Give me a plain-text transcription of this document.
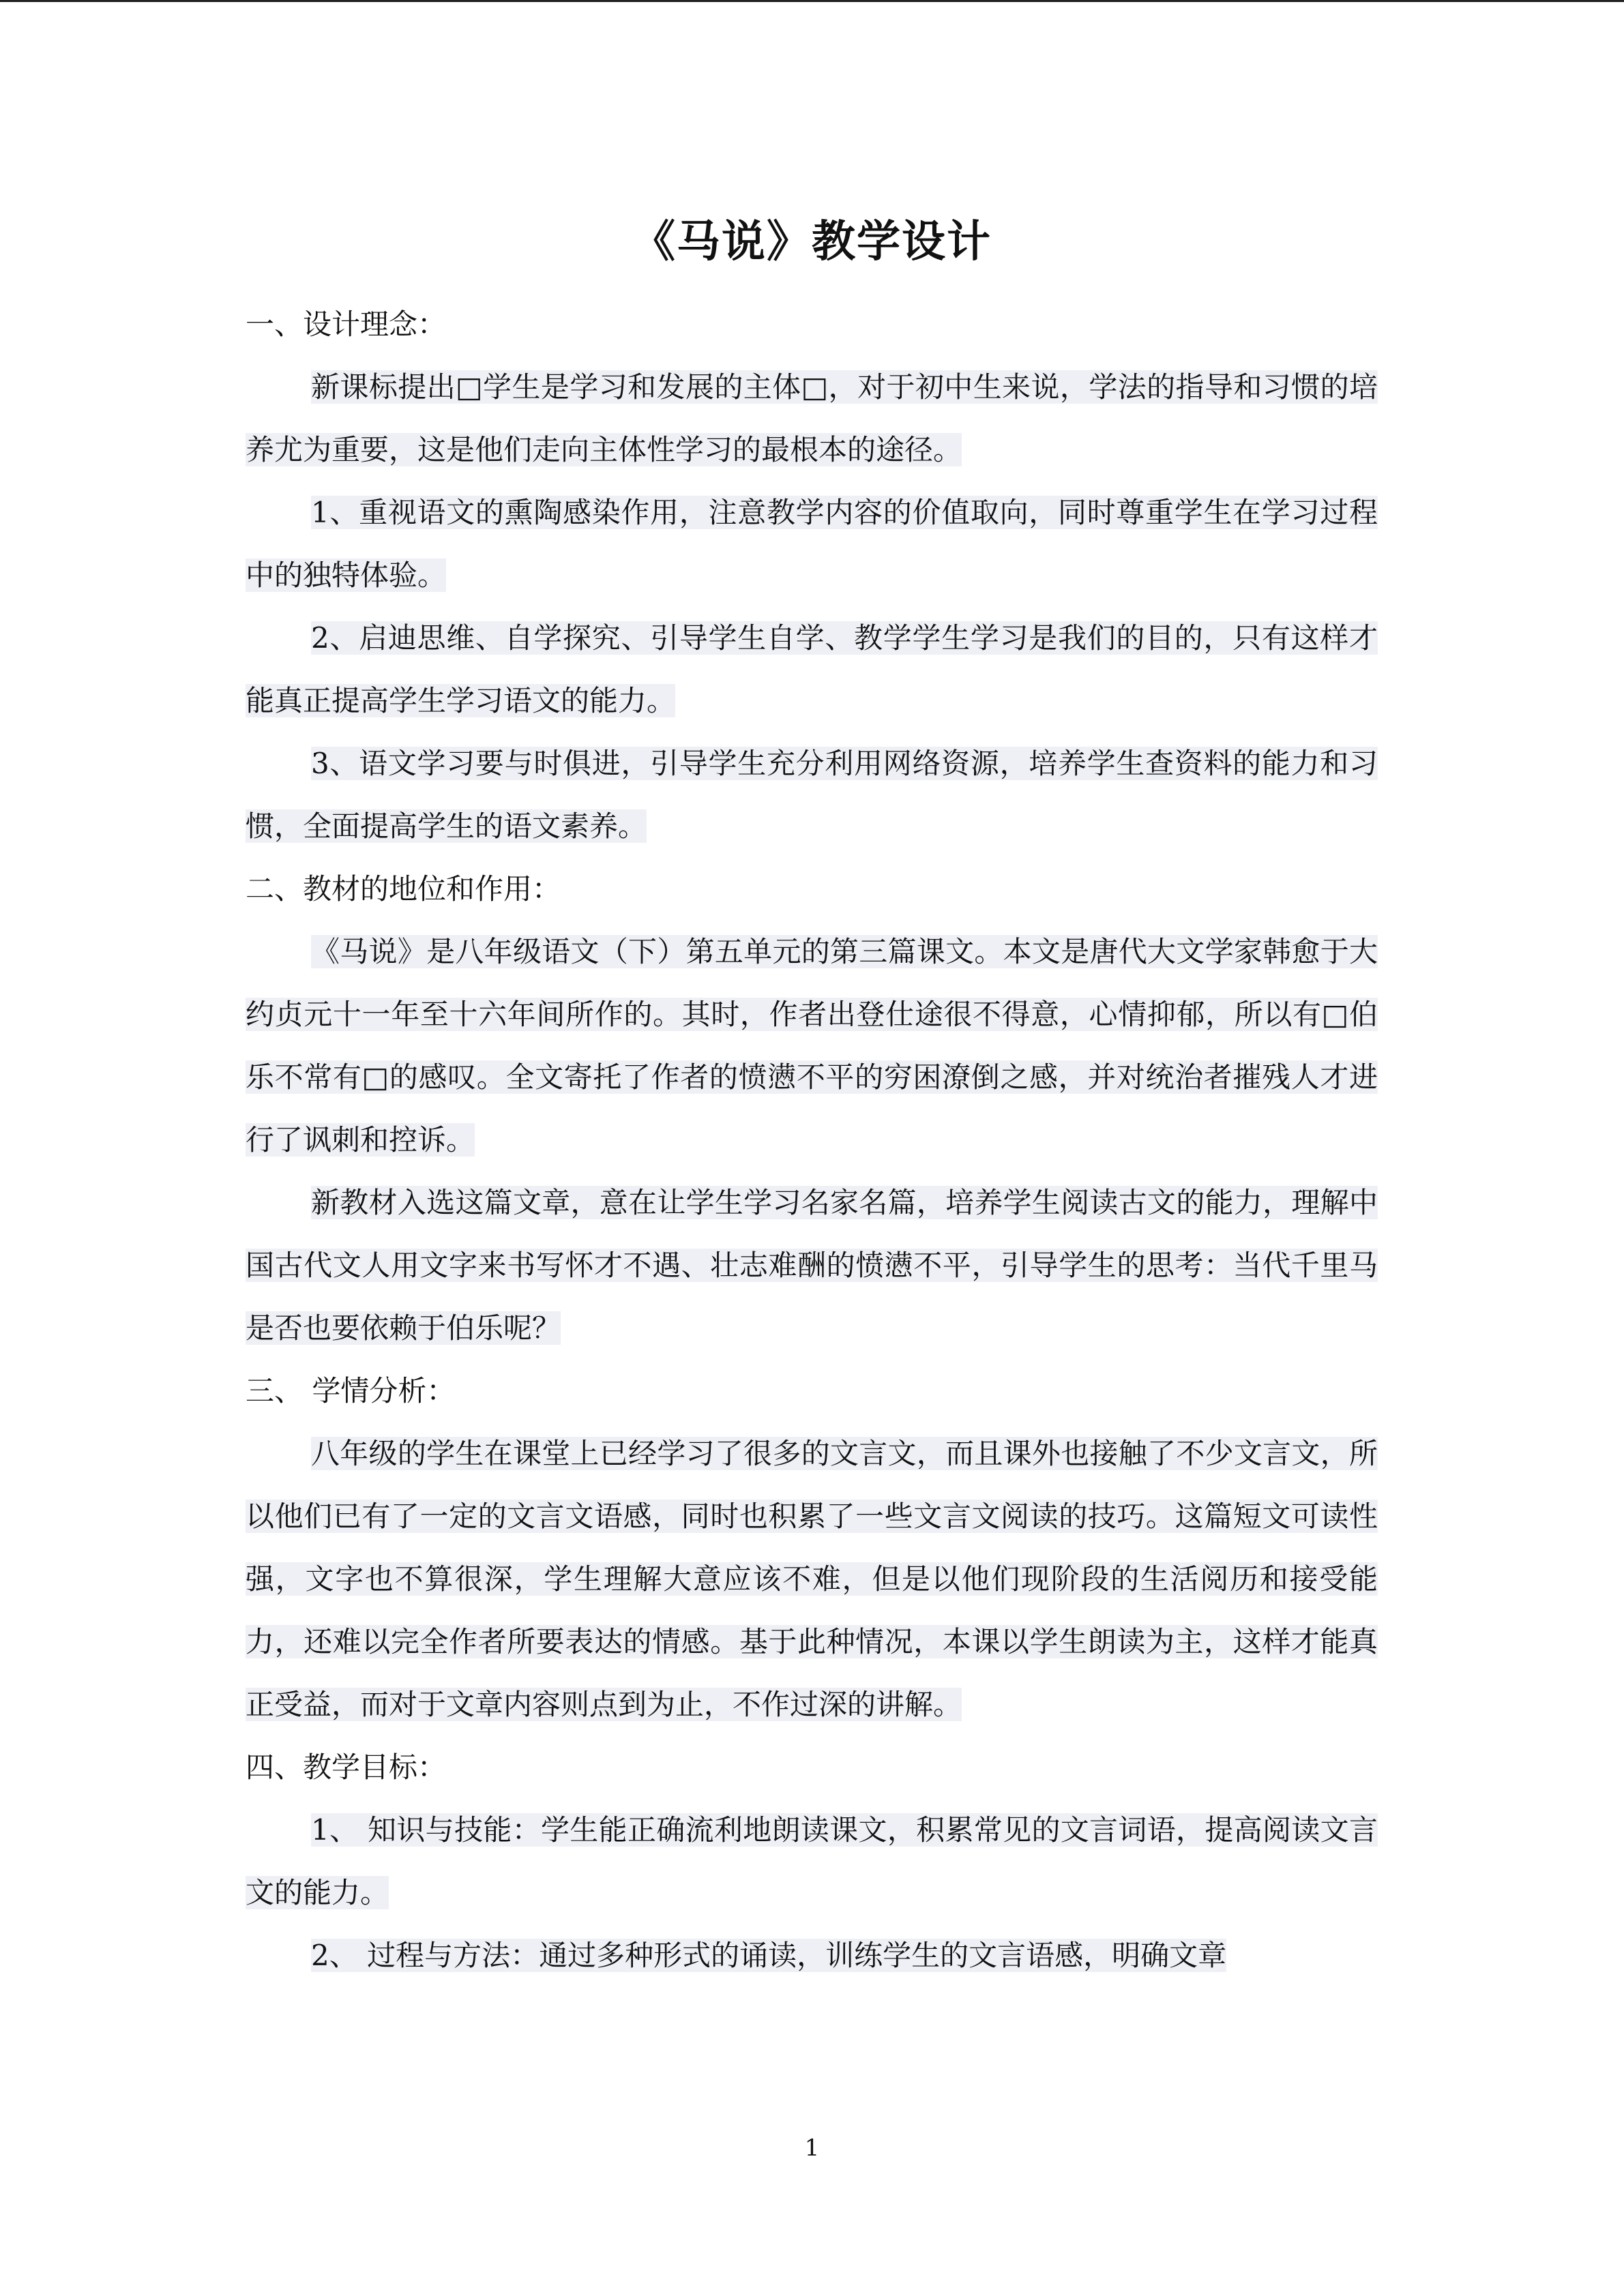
《马说》教学设计

一、设计理念：

新课标提出□学生是学习和发展的主体□，对于初中生来说，学法的指导和习惯的培养尤为重要，这是他们走向主体性学习的最根本的途径。

1、重视语文的熏陶感染作用，注意教学内容的价值取向，同时尊重学生在学习过程中的独特体验。

2、启迪思维、自学探究、引导学生自学、教学学生学习是我们的目的，只有这样才能真正提高学生学习语文的能力。

3、语文学习要与时俱进，引导学生充分利用网络资源，培养学生查资料的能力和习惯，全面提高学生的语文素养。

二、教材的地位和作用：

《马说》是八年级语文（下）第五单元的第三篇课文。本文是唐代大文学家韩愈于大约贞元十一年至十六年间所作的。其时，作者出登仕途很不得意，心情抑郁，所以有□伯乐不常有□的感叹。全文寄托了作者的愤懑不平的穷困潦倒之感，并对统治者摧残人才进行了讽刺和控诉。

新教材入选这篇文章，意在让学生学习名家名篇，培养学生阅读古文的能力，理解中国古代文人用文字来书写怀才不遇、壮志难酬的愤懑不平，引导学生的思考：当代千里马是否也要依赖于伯乐呢？

三、 学情分析：

八年级的学生在课堂上已经学习了很多的文言文，而且课外也接触了不少文言文，所以他们已有了一定的文言文语感，同时也积累了一些文言文阅读的技巧。这篇短文可读性强，文字也不算很深，学生理解大意应该不难，但是以他们现阶段的生活阅历和接受能力，还难以完全作者所要表达的情感。基于此种情况，本课以学生朗读为主，这样才能真正受益，而对于文章内容则点到为止，不作过深的讲解。

四、教学目标：

1、 知识与技能：学生能正确流利地朗读课文，积累常见的文言词语，提高阅读文言文的能力。

2、 过程与方法：通过多种形式的诵读，训练学生的文言语感，明确文章

1
